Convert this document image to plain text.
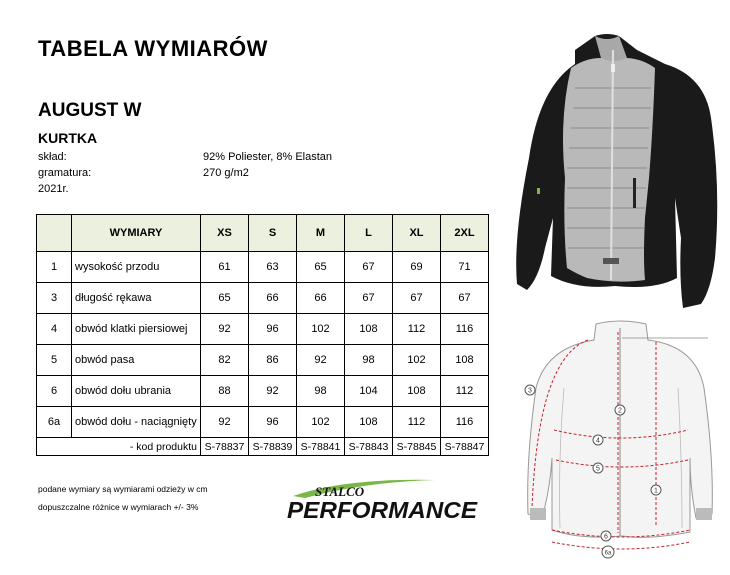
TABELA WYMIARÓW
AUGUST W
KURTKA
skład:	92% Poliester, 8% Elastan
gramatura:	270 g/m2
2021r.
	WYMIARY	XS	S	M	L	XL	2XL
1	wysokość przodu	61	63	65	67	69	71
3	długość rękawa	65	66	66	67	67	67
4	obwód klatki piersiowej	92	96	102	108	112	116
5	obwód pasa	82	86	92	98	102	108
6	obwód dołu ubrania	88	92	98	104	108	112
6a	obwód dołu - naciągnięty	92	96	102	108	112	116
- kod produktu		S-78837	S-78839	S-78841	S-78843	S-78845	S-78847
podane wymiary są wymiarami odzieży w cm
dopuszczalne różnice w wymiarach +/- 3%
STALCO
PERFORMANCE
1
2
3
4
5
6
6a
